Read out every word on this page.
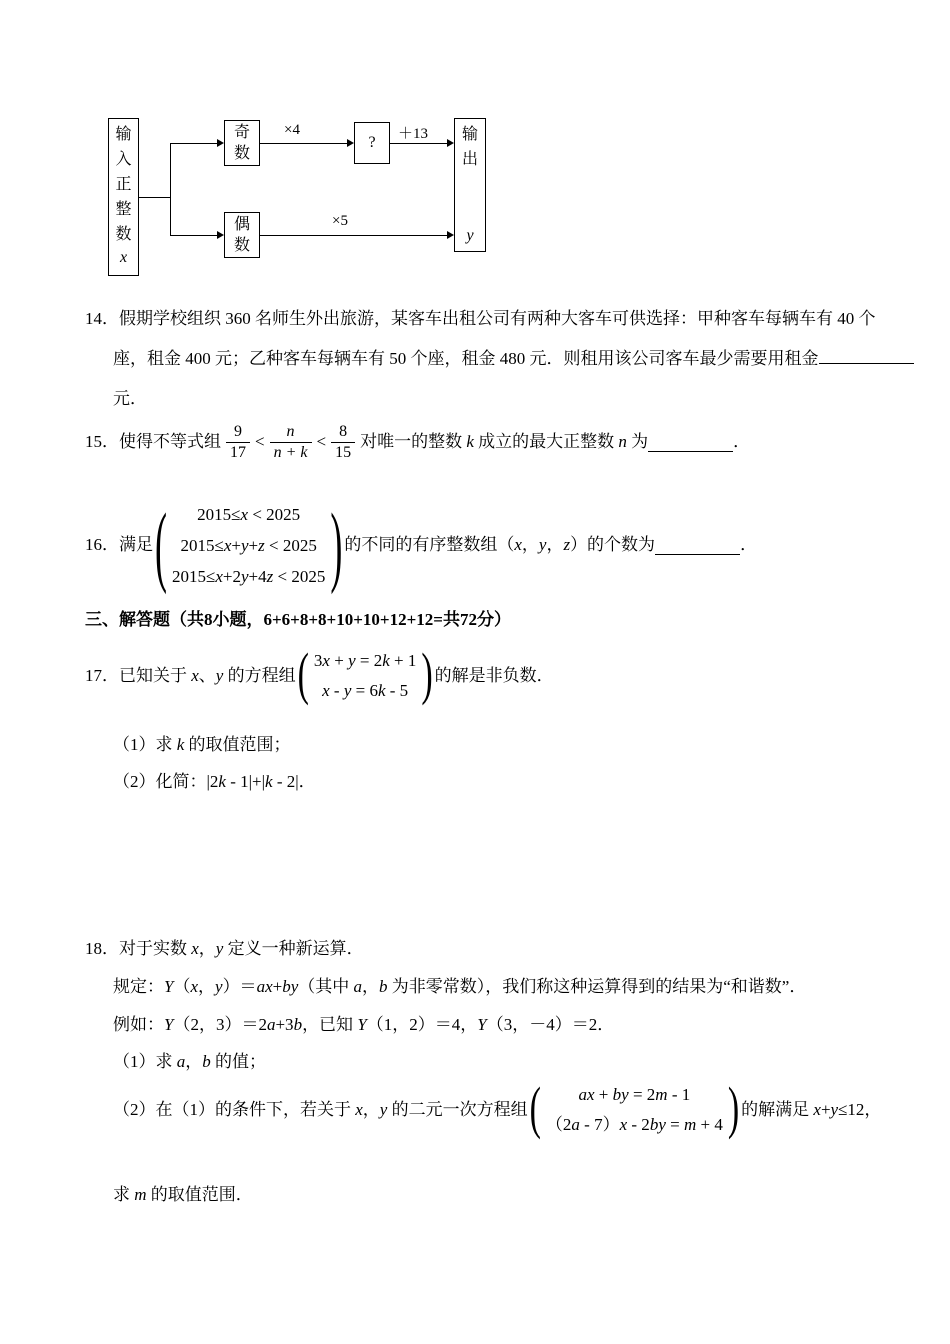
输入正整数
x
奇数
偶数
?	输出
y
×4	＋13
×5
14．假期学校组织 360 名师生外出旅游，某客车出租公司有两种大客车可供选择：甲种客车每辆车有 40 个
座，租金 400 元；乙种客车每辆车有 50 个座，租金 480 元．则租用该公司客车最少需要用租金
元．
15．使得不等式组 $\frac{9}{17} < \frac{n}{n + k} < \frac{8}{15}$ 对唯一的整数 k 成立的最大正整数 n 为	．
16．满足 (	2015≤x < 2025
2015≤x+y+z < 2025
2015≤x+2y+4z < 2025 ) 的不同的有序整数组（x，y，z）的个数为	．
三、解答题（共8小题，6+6+8+8+10+10+12+12=共72分）
17．已知关于 x、y 的方程组 ( 3x + y = 2k + 1
x - y = 6k - 5 ) 的解是非负数．
（1）求 k 的取值范围；
（2）化简：|2k - 1|+|k - 2|．
18．对于实数 x，y 定义一种新运算．
规定：Y（x，y）＝ax+by（其中 a，b 为非零常数），我们称这种运算得到的结果为“和谐数”．
例如：Y（2，3）＝2a+3b，已知 Y（1，2）＝4，Y（3，－4）＝2．
（1）求 a，b 的值；
（2）在（1）的条件下，若关于 x，y 的二元一次方程组 (	ax + by = 2m - 1
（2a - 7）x - 2by = m + 4 ) 的解满足 x+y≤12，
求 m 的取值范围．
